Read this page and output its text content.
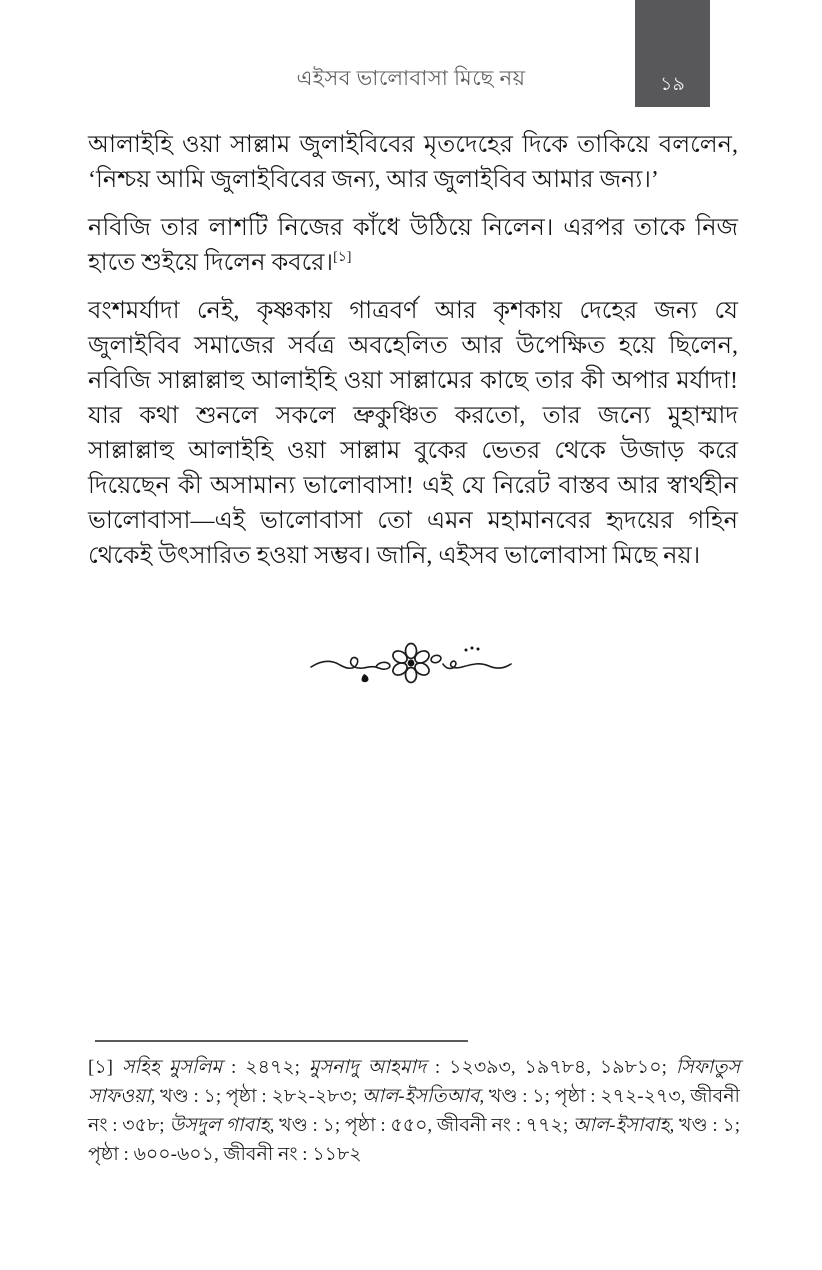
১৯
এইসব ভালোবাসা মিছে নয়

আলাইহি ওয়া সাল্লাম জুলাইবিবের মৃতদেহের দিকে তাকিয়ে বললেন, ‘নিশ্চয় আমি জুলাইবিবের জন্য, আর জুলাইবিব আমার জন্য।’

নবিজি তার লাশটি নিজের কাঁধে উঠিয়ে নিলেন। এরপর তাকে নিজ হাতে শুইয়ে দিলেন কবরে।[১]

বংশমর্যাদা নেই, কৃষ্ণকায় গাত্রবর্ণ আর কৃশকায় দেহের জন্য যে জুলাইবিব সমাজের সর্বত্র অবহেলিত আর উপেক্ষিত হয়ে ছিলেন, নবিজি সাল্লাল্লাহু আলাইহি ওয়া সাল্লামের কাছে তার কী অপার মর্যাদা! যার কথা শুনলে সকলে ভ্রুকুঞ্চিত করতো, তার জন্যে মুহাম্মাদ সাল্লাল্লাহু আলাইহি ওয়া সাল্লাম বুকের ভেতর থেকে উজাড় করে দিয়েছেন কী অসামান্য ভালোবাসা! এই যে নিরেট বাস্তব আর স্বার্থহীন ভালোবাসা—এই ভালোবাসা তো এমন মহামানবের হৃদয়ের গহিন থেকেই উৎসারিত হওয়া সম্ভব। জানি, এইসব ভালোবাসা মিছে নয়।

[১] সহিহ মুসলিম : ২৪৭২; মুসনাদু আহমাদ : ১২৩৯৩, ১৯৭৮৪, ১৯৮১০; সিফাতুস সাফওয়া, খণ্ড : ১; পৃষ্ঠা : ২৮২-২৮৩; আল-ইসতিআব, খণ্ড : ১; পৃষ্ঠা : ২৭২-২৭৩, জীবনী নং : ৩৫৮; উসদুল গাবাহ, খণ্ড : ১; পৃষ্ঠা : ৫৫০, জীবনী নং : ৭৭২; আল-ইসাবাহ, খণ্ড : ১; পৃষ্ঠা : ৬০০-৬০১, জীবনী নং : ১১৮২
